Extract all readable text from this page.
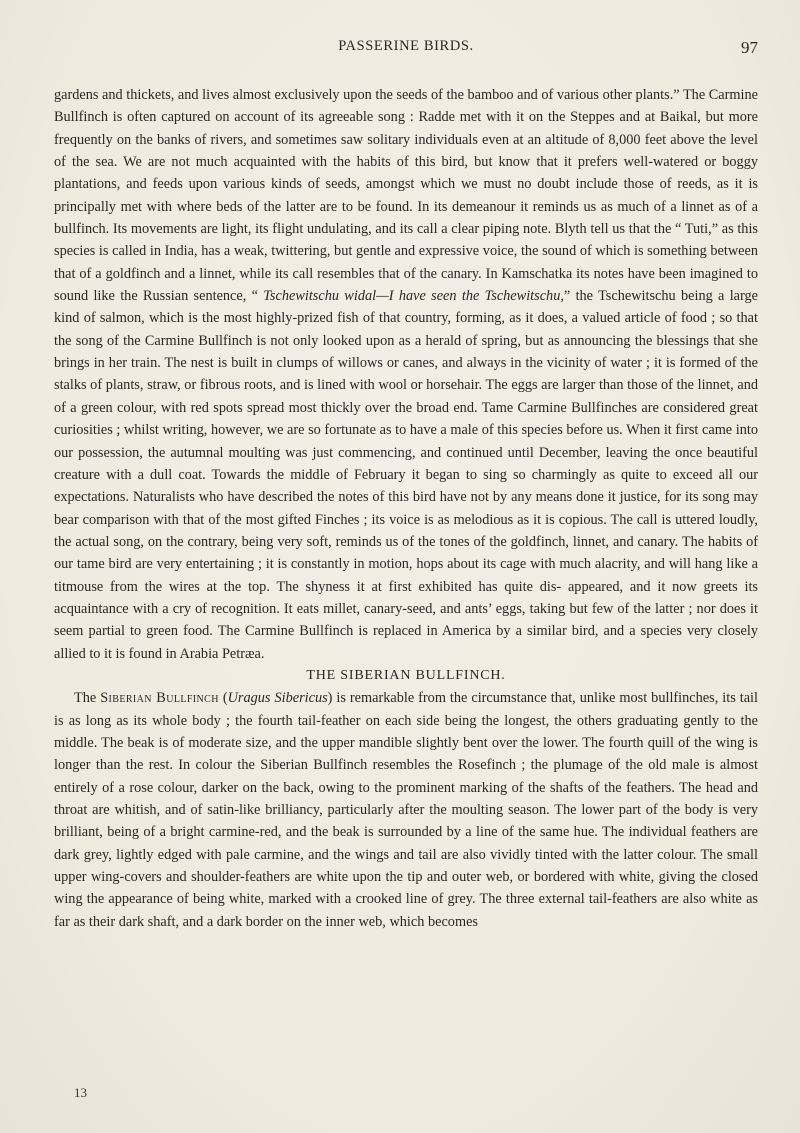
PASSERINE BIRDS.	97

gardens and thickets, and lives almost exclusively upon the seeds of the bamboo and of various other plants.” The Carmine Bullfinch is often captured on account of its agreeable song : Radde met with it on the Steppes and at Baikal, but more frequently on the banks of rivers, and sometimes saw solitary individuals even at an altitude of 8,000 feet above the level of the sea. We are not much acquainted with the habits of this bird, but know that it prefers well-watered or boggy plantations, and feeds upon various kinds of seeds, amongst which we must no doubt include those of reeds, as it is principally met with where beds of the latter are to be found. In its demeanour it reminds us as much of a linnet as of a bullfinch. Its movements are light, its flight undulating, and its call a clear piping note. Blyth tell us that the “ Tuti,” as this species is called in India, has a weak, twittering, but gentle and expressive voice, the sound of which is something between that of a goldfinch and a linnet, while its call resembles that of the canary. In Kamschatka its notes have been imagined to sound like the Russian sentence, “ Tschewitschu widal—I have seen the Tschewitschu,” the Tschewitschu being a large kind of salmon, which is the most highly-prized fish of that country, forming, as it does, a valued article of food ; so that the song of the Carmine Bullfinch is not only looked upon as a herald of spring, but as announcing the blessings that she brings in her train. The nest is built in clumps of willows or canes, and always in the vicinity of water ; it is formed of the stalks of plants, straw, or fibrous roots, and is lined with wool or horsehair. The eggs are larger than those of the linnet, and of a green colour, with red spots spread most thickly over the broad end. Tame Carmine Bullfinches are considered great curiosities ; whilst writing, however, we are so fortunate as to have a male of this species before us. When it first came into our possession, the autumnal moulting was just commencing, and continued until December, leaving the once beautiful creature with a dull coat. Towards the middle of February it began to sing so charmingly as quite to exceed all our expectations. Naturalists who have described the notes of this bird have not by any means done it justice, for its song may bear comparison with that of the most gifted Finches ; its voice is as melodious as it is copious. The call is uttered loudly, the actual song, on the contrary, being very soft, reminds us of the tones of the goldfinch, linnet, and canary. The habits of our tame bird are very entertaining ; it is constantly in motion, hops about its cage with much alacrity, and will hang like a titmouse from the wires at the top. The shyness it at first exhibited has quite dis- appeared, and it now greets its acquaintance with a cry of recognition. It eats millet, canary-seed, and ants’ eggs, taking but few of the latter ; nor does it seem partial to green food. The Carmine Bullfinch is replaced in America by a similar bird, and a species very closely allied to it is found in Arabia Petræa.

THE SIBERIAN BULLFINCH.

The Siberian Bullfinch (Uragus Sibericus) is remarkable from the circumstance that, unlike most bullfinches, its tail is as long as its whole body ; the fourth tail-feather on each side being the longest, the others graduating gently to the middle. The beak is of moderate size, and the upper mandible slightly bent over the lower. The fourth quill of the wing is longer than the rest. In colour the Siberian Bullfinch resembles the Rosefinch ; the plumage of the old male is almost entirely of a rose colour, darker on the back, owing to the prominent marking of the shafts of the feathers. The head and throat are whitish, and of satin-like brilliancy, particularly after the moulting season. The lower part of the body is very brilliant, being of a bright carmine-red, and the beak is surrounded by a line of the same hue. The individual feathers are dark grey, lightly edged with pale carmine, and the wings and tail are also vividly tinted with the latter colour. The small upper wing-covers and shoulder-feathers are white upon the tip and outer web, or bordered with white, giving the closed wing the appearance of being white, marked with a crooked line of grey. The three external tail-feathers are also white as far as their dark shaft, and a dark border on the inner web, which becomes

13
